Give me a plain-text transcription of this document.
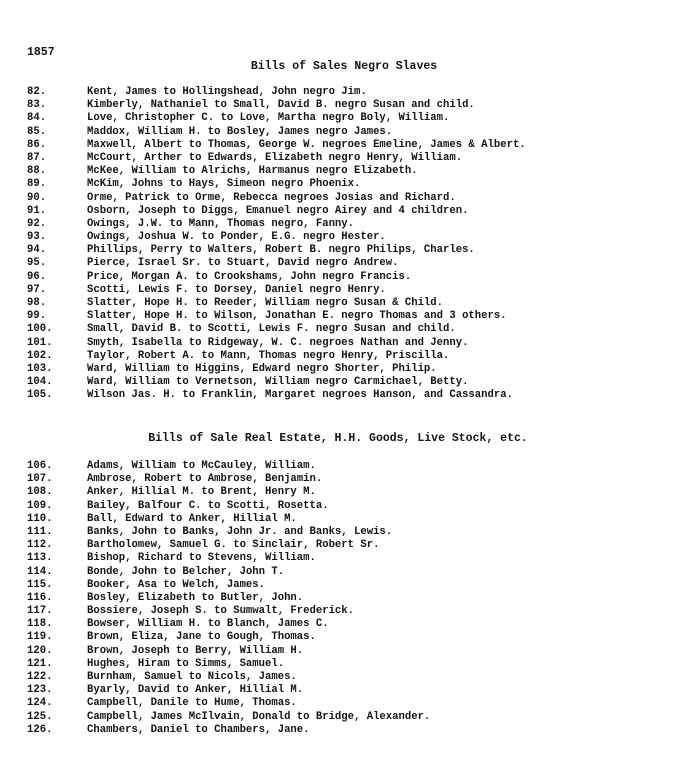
1857
Bills of Sales Negro Slaves
82.	Kent, James to Hollingshead, John negro Jim.
83.	Kimberly, Nathaniel to Small, David B. negro Susan and child.
84.	Love, Christopher C. to Love, Martha negro Boly, William.
85.	Maddox, William H. to Bosley, James negro James.
86.	Maxwell, Albert to Thomas, George W. negroes Emeline, James & Albert.
87.	McCourt, Arther to Edwards, Elizabeth negro Henry, William.
88.	McKee, William to Alrichs, Harmanus negro Elizabeth.
89.	McKim, Johns to Hays, Simeon negro Phoenix.
90.	Orme, Patrick to Orme, Rebecca negroes Josias and Richard.
91.	Osborn, Joseph to Diggs, Emanuel negro Airey and 4 children.
92.	Owings, J.W. to Mann, Thomas negro, Fanny.
93.	Owings, Joshua W. to Ponder, E.G. negro Hester.
94.	Phillips, Perry to Walters, Robert B. negro Philips, Charles.
95.	Pierce, Israel Sr. to Stuart, David negro Andrew.
96.	Price, Morgan A. to Crookshams, John negro Francis.
97.	Scotti, Lewis F. to Dorsey, Daniel negro Henry.
98.	Slatter, Hope H. to Reeder, William negro Susan & Child.
99.	Slatter, Hope H. to Wilson, Jonathan E. negro Thomas and 3 others.
100.	Small, David B. to Scotti, Lewis F. negro Susan and child.
101.	Smyth, Isabella to Ridgeway, W. C. negroes Nathan and Jenny.
102.	Taylor, Robert A. to Mann, Thomas negro Henry, Priscilla.
103.	Ward, William to Higgins, Edward negro Shorter, Philip.
104.	Ward, William to Vernetson, William negro Carmichael, Betty.
105.	Wilson Jas. H. to Franklin, Margaret negroes Hanson, and Cassandra.
Bills of Sale Real Estate, H.H. Goods, Live Stock, etc.
106.	Adams, William to McCauley, William.
107.	Ambrose, Robert to Ambrose, Benjamin.
108.	Anker, Hillial M. to Brent, Henry M.
109.	Bailey, Balfour C. to Scotti, Rosetta.
110.	Ball, Edward to Anker, Hillial M.
111.	Banks, John to Banks, John Jr. and Banks, Lewis.
112.	Bartholomew, Samuel G. to Sinclair, Robert Sr.
113.	Bishop, Richard to Stevens, William.
114.	Bonde, John to Belcher, John T.
115.	Booker, Asa to Welch, James.
116.	Bosley, Elizabeth to Butler, John.
117.	Bossiere, Joseph S. to Sumwalt, Frederick.
118.	Bowser, William H. to Blanch, James C.
119.	Brown, Eliza, Jane to Gough, Thomas.
120.	Brown, Joseph to Berry, William H.
121.	Hughes, Hiram to Simms, Samuel.
122.	Burnham, Samuel to Nicols, James.
123.	Byarly, David to Anker, Hillial M.
124.	Campbell, Danile to Hume, Thomas.
125.	Campbell, James McIlvain, Donald to Bridge, Alexander.
126.	Chambers, Daniel to Chambers, Jane.
